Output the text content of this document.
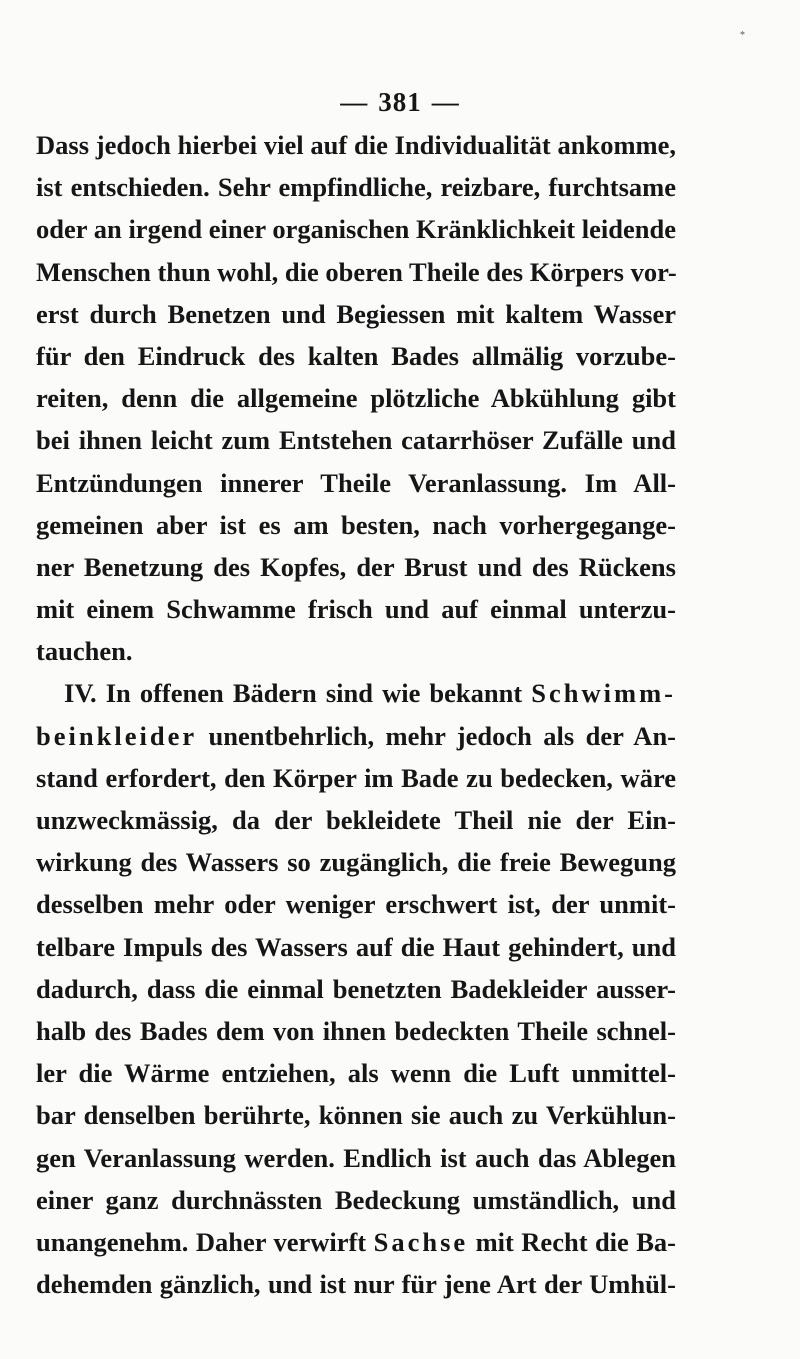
*
— 381 —
Dass jedoch hierbei viel auf die Individualität ankomme,
ist entschieden. Sehr empfindliche, reizbare, furchtsame
oder an irgend einer organischen Kränklichkeit leidende
Menschen thun wohl, die oberen Theile des Körpers vor-
erst durch Benetzen und Begiessen mit kaltem Wasser
für den Eindruck des kalten Bades allmälig vorzube-
reiten, denn die allgemeine plötzliche Abkühlung gibt
bei ihnen leicht zum Entstehen catarrhöser Zufälle und
Entzündungen innerer Theile Veranlassung. Im All-
gemeinen aber ist es am besten, nach vorhergegange-
ner Benetzung des Kopfes, der Brust und des Rückens
mit einem Schwamme frisch und auf einmal unterzu-
tauchen.
IV. In offenen Bädern sind wie bekannt Schwimm-
beinkleider unentbehrlich, mehr jedoch als der An-
stand erfordert, den Körper im Bade zu bedecken, wäre
unzweckmässig, da der bekleidete Theil nie der Ein-
wirkung des Wassers so zugänglich, die freie Bewegung
desselben mehr oder weniger erschwert ist, der unmit-
telbare Impuls des Wassers auf die Haut gehindert, und
dadurch, dass die einmal benetzten Badekleider ausser-
halb des Bades dem von ihnen bedeckten Theile schnel-
ler die Wärme entziehen, als wenn die Luft unmittel-
bar denselben berührte, können sie auch zu Verkühlun-
gen Veranlassung werden. Endlich ist auch das Ablegen
einer ganz durchnässten Bedeckung umständlich, und
unangenehm. Daher verwirft Sachse mit Recht die Ba-
dehemden gänzlich, und ist nur für jene Art der Umhül-
